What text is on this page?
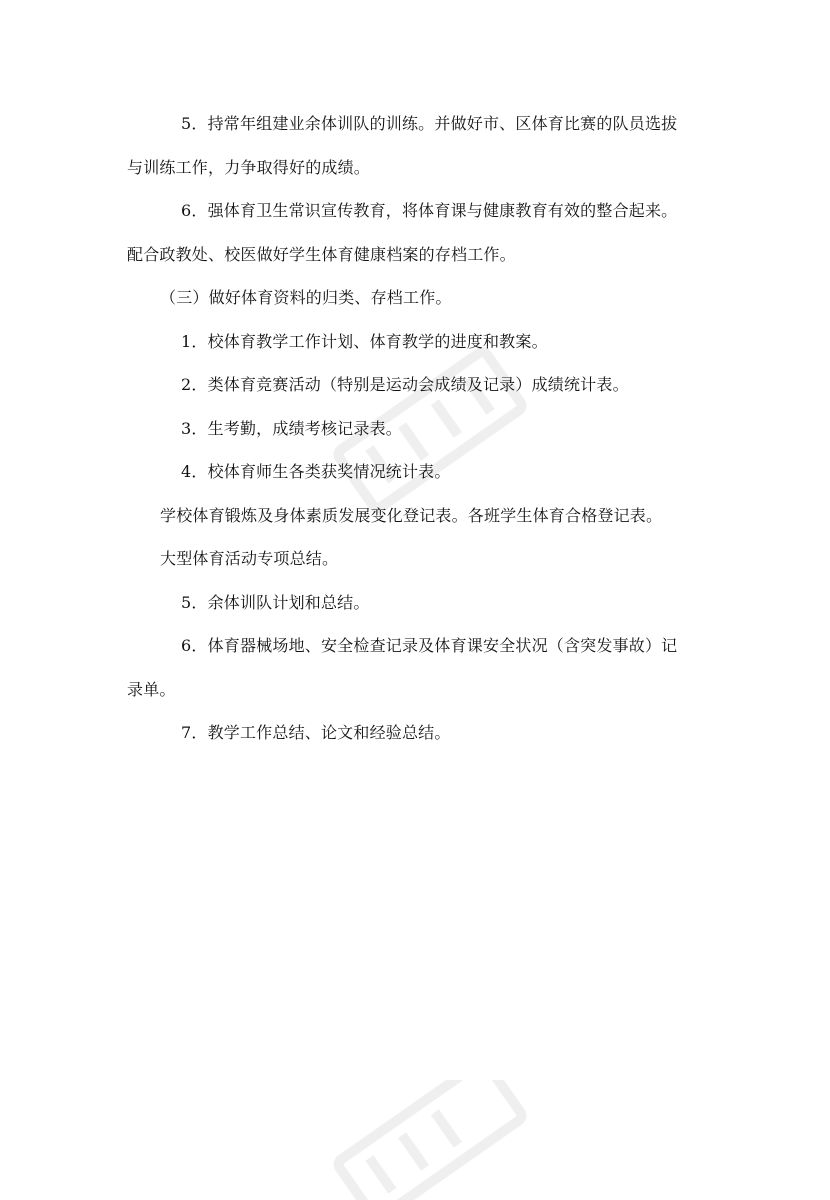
5．持常年组建业余体训队的训练。并做好市、区体育比赛的队员选拔
与训练工作，力争取得好的成绩。
6．强体育卫生常识宣传教育，将体育课与健康教育有效的整合起来。
配合政教处、校医做好学生体育健康档案的存档工作。
（三）做好体育资料的归类、存档工作。
1．校体育教学工作计划、体育教学的进度和教案。
2．类体育竞赛活动（特别是运动会成绩及记录）成绩统计表。
3．生考勤，成绩考核记录表。
4．校体育师生各类获奖情况统计表。
学校体育锻炼及身体素质发展变化登记表。各班学生体育合格登记表。
大型体育活动专项总结。
5．余体训队计划和总结。
6．体育器械场地、安全检查记录及体育课安全状况（含突发事故）记
录单。
7．教学工作总结、论文和经验总结。
